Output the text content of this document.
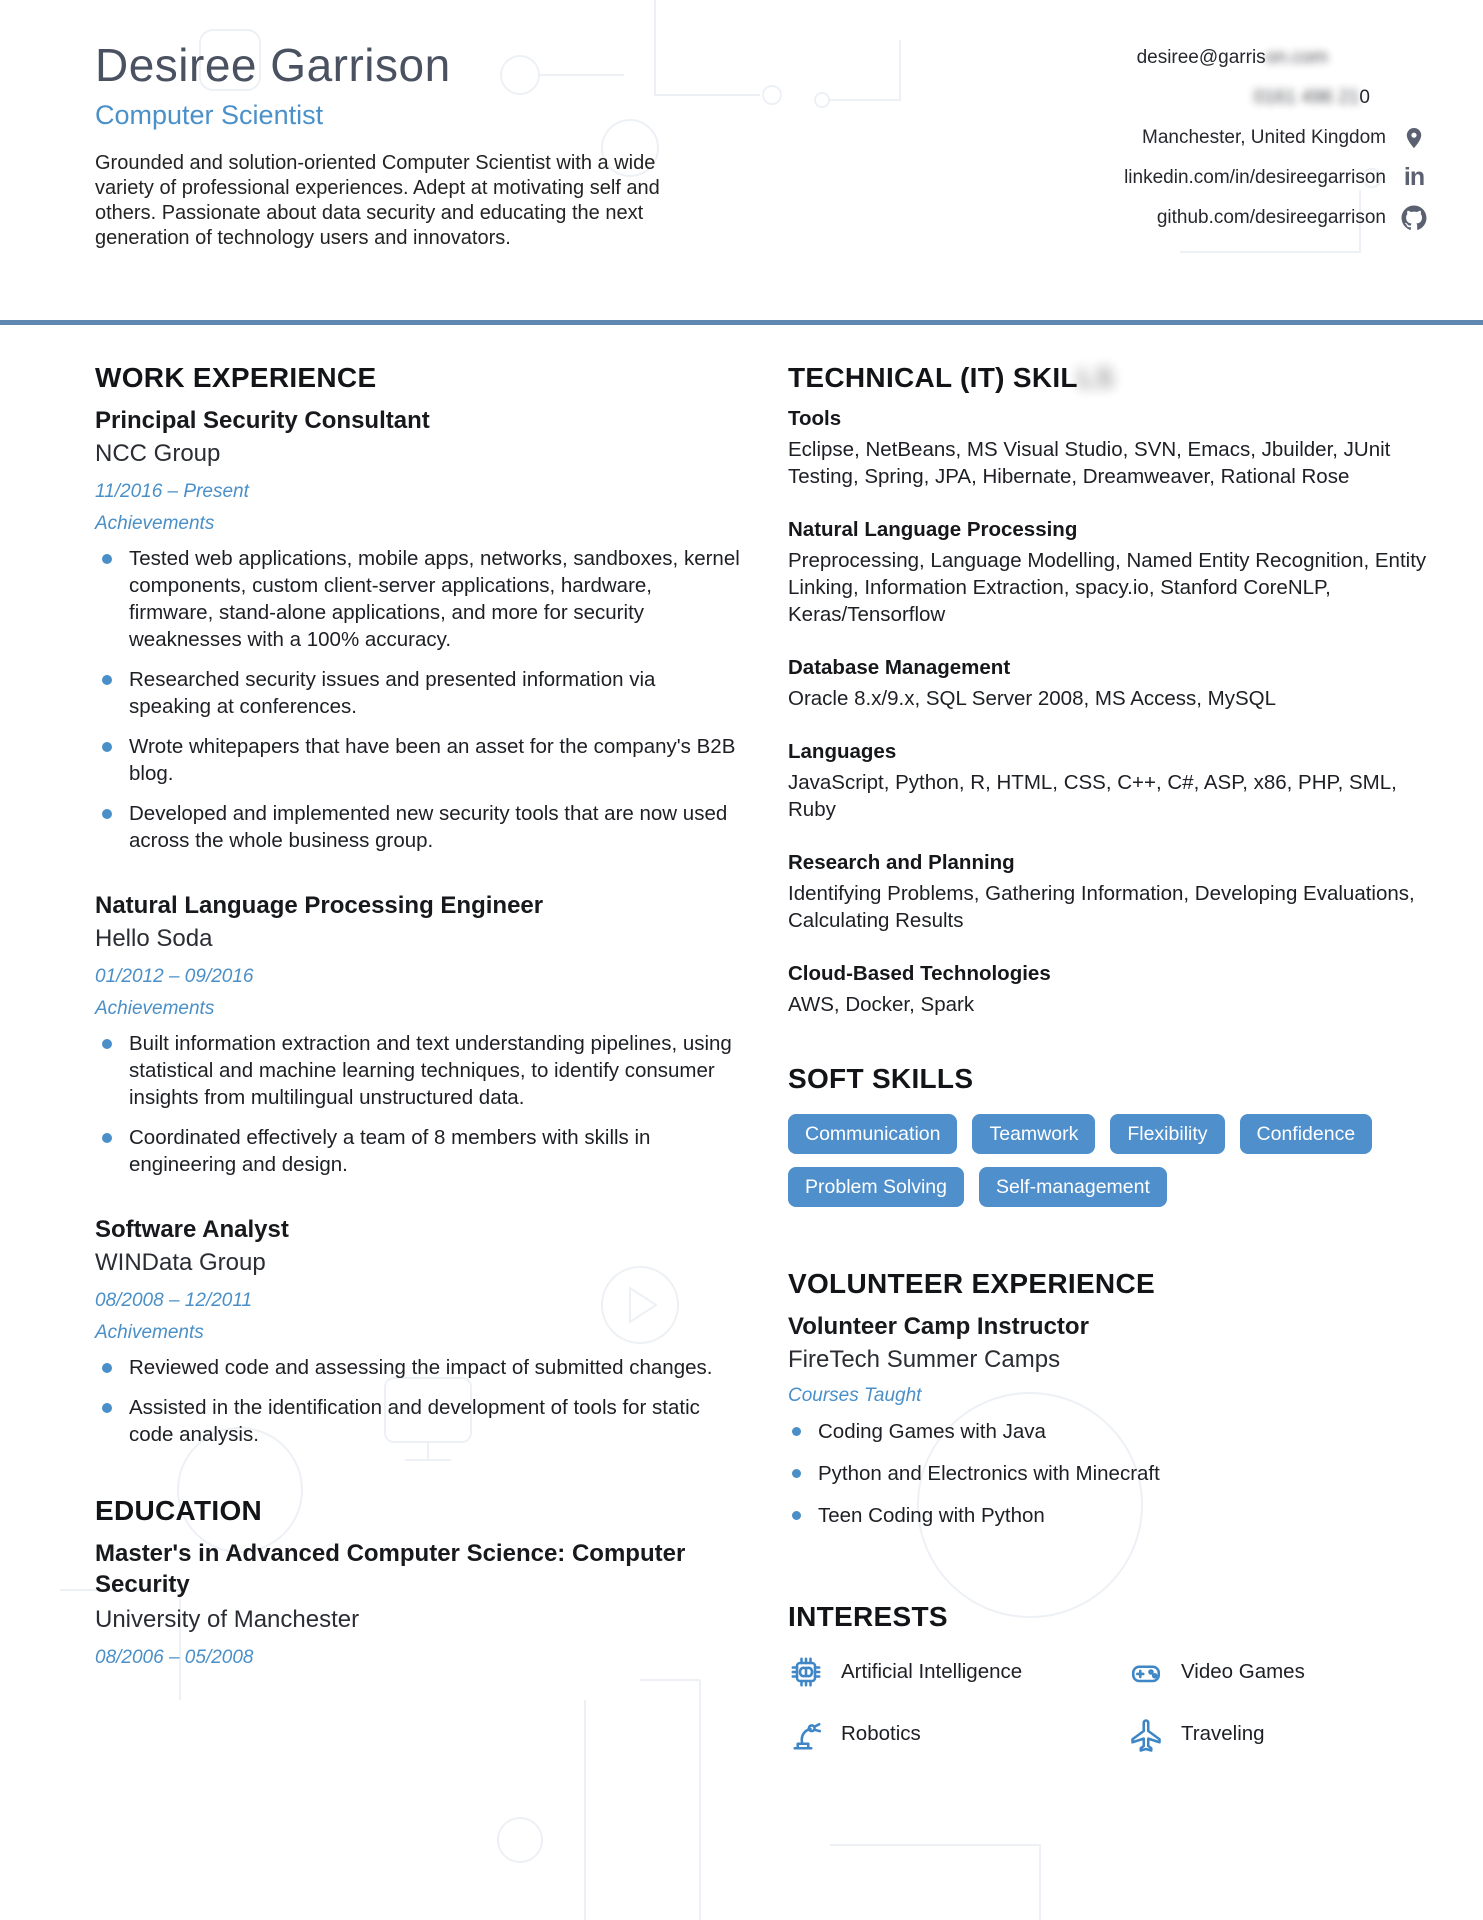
Desiree Garrison
Computer Scientist

Grounded and solution-oriented Computer Scientist with a wide variety of professional experiences. Adept at motivating self and others. Passionate about data security and educating the next generation of technology users and innovators.

desiree@garris on.com
0161 496 21 0
Manchester, United Kingdom
linkedin.com/in/desireegarrison in
github.com/desireegarrison
WORK EXPERIENCE
Principal Security Consultant
NCC Group
11/2016 – Present
Achievements
Tested web applications, mobile apps, networks, sandboxes, kernel components, custom client-server applications, hardware, firmware, stand-alone applications, and more for security weaknesses with a 100% accuracy.
Researched security issues and presented information via speaking at conferences.
Wrote whitepapers that have been an asset for the company's B2B blog.
Developed and implemented new security tools that are now used across the whole business group.
Natural Language Processing Engineer
Hello Soda
01/2012 – 09/2016
Achievements
Built information extraction and text understanding pipelines, using statistical and machine learning techniques, to identify consumer insights from multilingual unstructured data.
Coordinated effectively a team of 8 members with skills in engineering and design.
Software Analyst
WINData Group
08/2008 – 12/2011
Achivements
Reviewed code and assessing the impact of submitted changes.
Assisted in the identification and development of tools for static code analysis.
EDUCATION
Master's in Advanced Computer Science: Computer Security
University of Manchester
08/2006 – 05/2008
TECHNICAL (IT) SKILLS
Tools
Eclipse, NetBeans, MS Visual Studio, SVN, Emacs, Jbuilder, JUnit Testing, Spring, JPA, Hibernate, Dreamweaver, Rational Rose
Natural Language Processing
Preprocessing, Language Modelling, Named Entity Recognition, Entity Linking, Information Extraction, spacy.io, Stanford CoreNLP, Keras/Tensorflow
Database Management
Oracle 8.x/9.x, SQL Server 2008, MS Access, MySQL
Languages
JavaScript, Python, R, HTML, CSS, C++, C#, ASP, x86, PHP, SML, Ruby
Research and Planning
Identifying Problems, Gathering Information, Developing Evaluations, Calculating Results
Cloud-Based Technologies
AWS, Docker, Spark
SOFT SKILLS
Communication	Teamwork	Flexibility	Confidence
Problem Solving	Self-management
VOLUNTEER EXPERIENCE
Volunteer Camp Instructor
FireTech Summer Camps
Courses Taught
Coding Games with Java
Python and Electronics with Minecraft
Teen Coding with Python
INTERESTS
Artificial Intelligence	Video Games
Robotics	Traveling
